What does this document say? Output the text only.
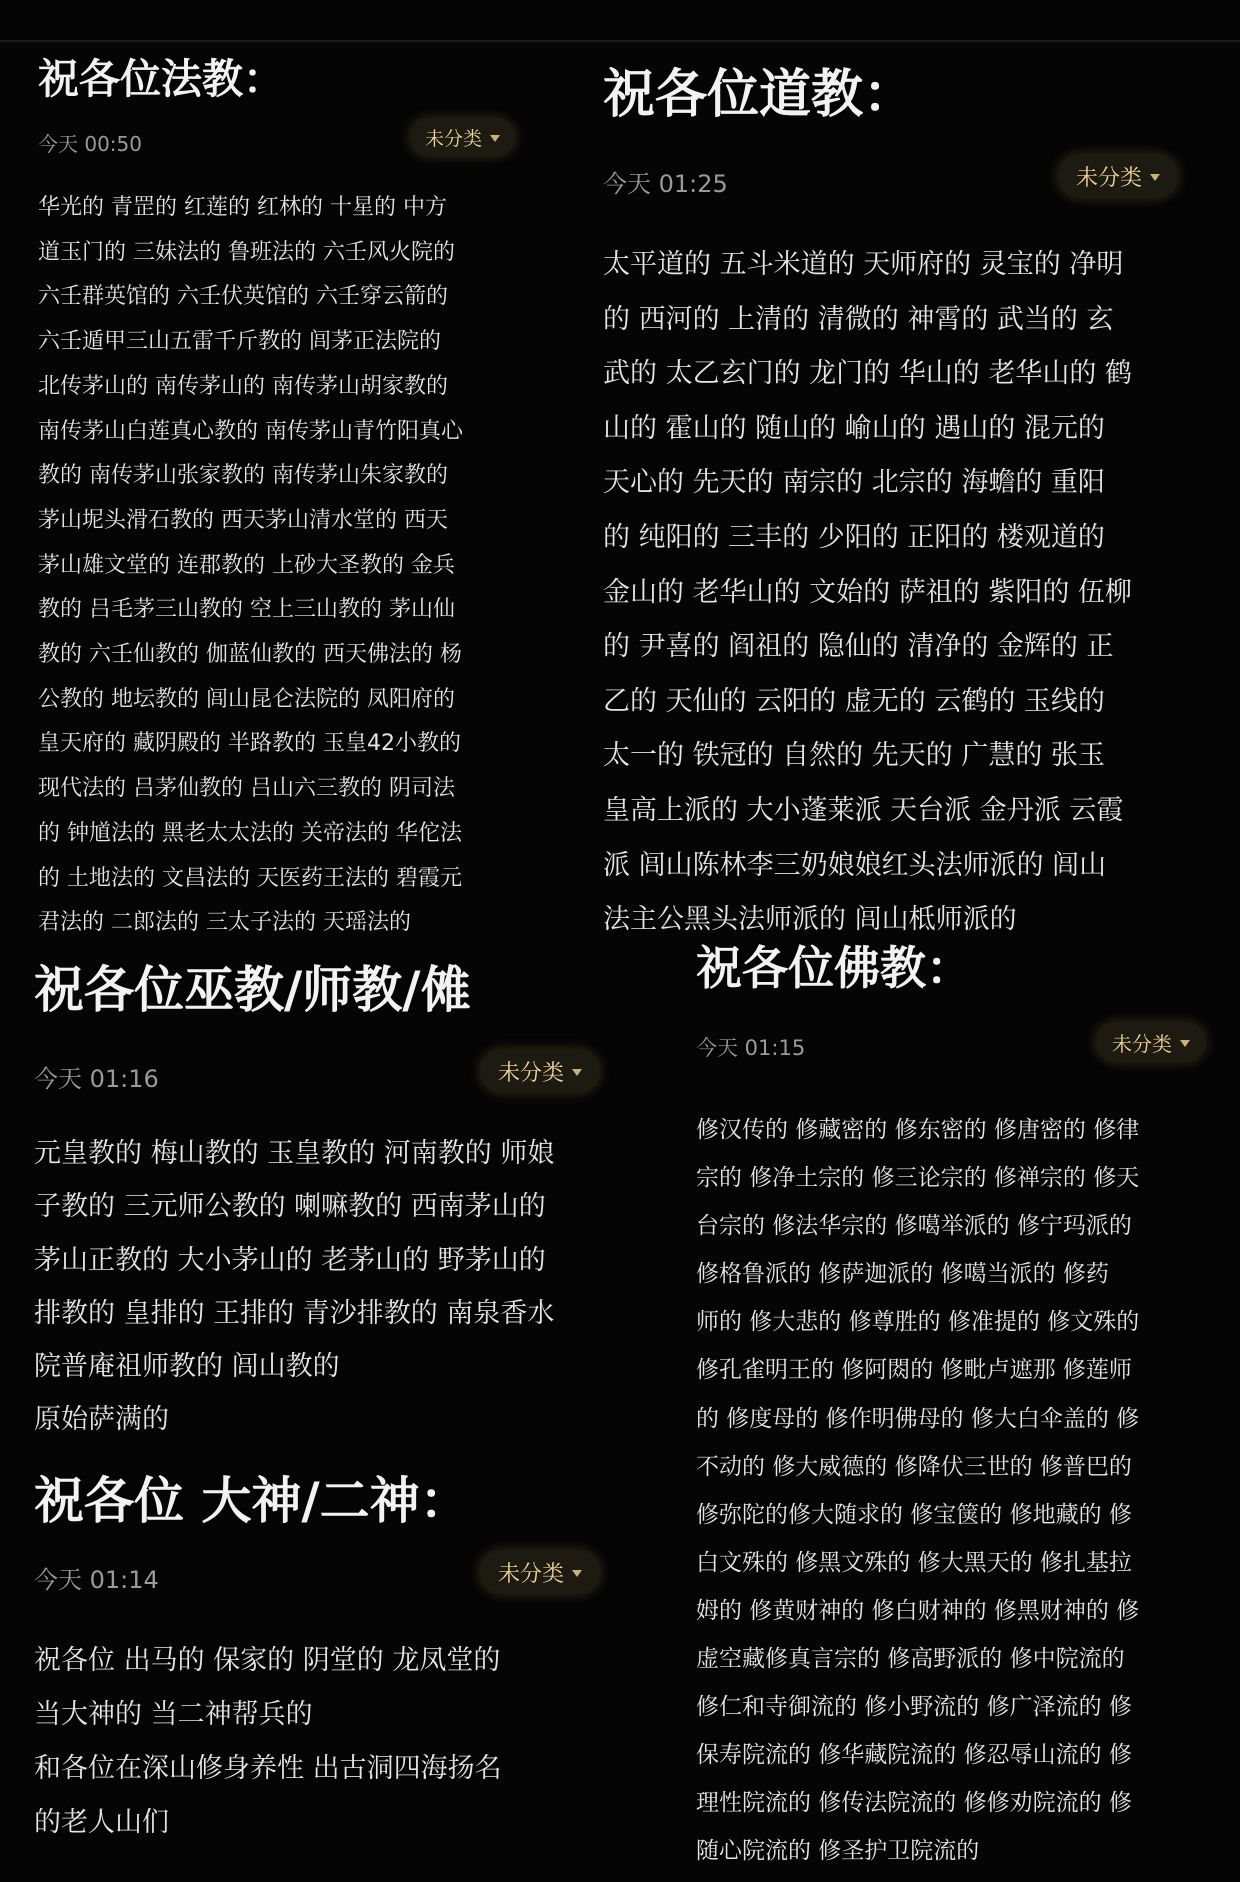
祝各位法教：
今天 00:50	未分类
华光的 青罡的 红莲的 红林的 十星的 中方
道玉门的 三妹法的 鲁班法的 六壬风火院的
六壬群英馆的 六壬伏英馆的 六壬穿云箭的
六壬遁甲三山五雷千斤教的 闾茅正法院的
北传茅山的 南传茅山的 南传茅山胡家教的
南传茅山白莲真心教的 南传茅山青竹阳真心
教的 南传茅山张家教的 南传茅山朱家教的
茅山坭头滑石教的 西天茅山清水堂的 西天
茅山雄文堂的 连郡教的 上砂大圣教的 金兵
教的 吕毛茅三山教的 空上三山教的 茅山仙
教的 六壬仙教的 伽蓝仙教的 西天佛法的 杨
公教的 地坛教的 闾山昆仑法院的 凤阳府的
皇天府的 藏阴殿的 半路教的 玉皇42小教的
现代法的 吕茅仙教的 吕山六三教的 阴司法
的 钟馗法的 黑老太太法的 关帝法的 华佗法
的 土地法的 文昌法的 天医药王法的 碧霞元
君法的 二郎法的 三太子法的 天瑶法的
祝各位道教：
今天 01:25	未分类
太平道的 五斗米道的 天师府的 灵宝的 净明
的 西河的 上清的 清微的 神霄的 武当的 玄
武的 太乙玄门的 龙门的 华山的 老华山的 鹤
山的 霍山的 随山的 崳山的 遇山的 混元的
天心的 先天的 南宗的 北宗的 海蟾的 重阳
的 纯阳的 三丰的 少阳的 正阳的 楼观道的
金山的 老华山的 文始的 萨祖的 紫阳的 伍柳
的 尹喜的 阎祖的 隐仙的 清净的 金辉的 正
乙的 天仙的 云阳的 虚无的 云鹤的 玉线的
太一的 铁冠的 自然的 先天的 广慧的 张玉
皇高上派的 大小蓬莱派 天台派 金丹派 云霞
派 闾山陈林李三奶娘娘红头法师派的 闾山
法主公黑头法师派的 闾山柢师派的
祝各位巫教/师教/傩
今天 01:16	未分类
元皇教的 梅山教的 玉皇教的 河南教的 师娘
子教的 三元师公教的 喇嘛教的 西南茅山的
茅山正教的 大小茅山的 老茅山的 野茅山的
排教的 皇排的 王排的 青沙排教的 南泉香水
院普庵祖师教的 闾山教的
原始萨满的
祝各位 大神/二神：
今天 01:14	未分类
祝各位 出马的 保家的 阴堂的 龙凤堂的
当大神的 当二神帮兵的
和各位在深山修身养性 出古洞四海扬名
的老人山们
祝各位佛教：
今天 01:15	未分类
修汉传的 修藏密的 修东密的 修唐密的 修律
宗的 修净土宗的 修三论宗的 修禅宗的 修天
台宗的 修法华宗的 修噶举派的 修宁玛派的
修格鲁派的 修萨迦派的 修噶当派的 修药
师的 修大悲的 修尊胜的 修准提的 修文殊的
修孔雀明王的 修阿閦的 修毗卢遮那 修莲师
的 修度母的 修作明佛母的 修大白伞盖的 修
不动的 修大威德的 修降伏三世的 修普巴的
修弥陀的修大随求的 修宝箧的 修地藏的 修
白文殊的 修黑文殊的 修大黑天的 修扎基拉
姆的 修黄财神的 修白财神的 修黑财神的 修
虚空藏修真言宗的 修高野派的 修中院流的
修仁和寺御流的 修小野流的 修广泽流的 修
保寿院流的 修华藏院流的 修忍辱山流的 修
理性院流的 修传法院流的 修修劝院流的 修
随心院流的 修圣护卫院流的
